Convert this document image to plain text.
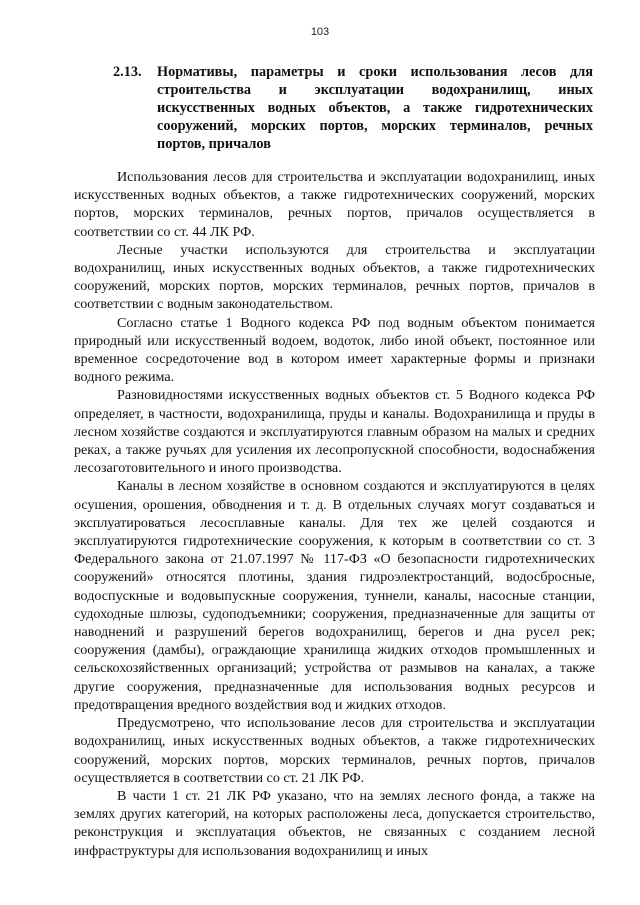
103
2.13. Нормативы, параметры и сроки использования лесов для строительства и эксплуатации водохранилищ, иных искусственных водных объектов, а также гидротехнических сооружений, морских портов, морских терминалов, речных портов, причалов

Использования лесов для строительства и эксплуатации водохранилищ, иных искусственных водных объектов, а также гидротехнических сооружений, морских портов, морских терминалов, речных портов, причалов осуществляется в соответствии со ст. 44 ЛК РФ.

Лесные участки используются для строительства и эксплуатации водохранилищ, иных искусственных водных объектов, а также гидротехнических сооружений, морских портов, морских терминалов, речных портов, причалов в соответствии с водным законодательством.

Согласно статье 1 Водного кодекса РФ под водным объектом понимается природный или искусственный водоем, водоток, либо иной объект, постоянное или временное сосредоточение вод в котором имеет характерные формы и признаки водного режима.

Разновидностями искусственных водных объектов ст. 5 Водного кодекса РФ определяет, в частности, водохранилища, пруды и каналы. Водохранилища и пруды в лесном хозяйстве создаются и эксплуатируются главным образом на малых и средних реках, а также ручьях для усиления их лесопропускной способности, водоснабжения лесозаготовительного и иного производства.

Каналы в лесном хозяйстве в основном создаются и эксплуатируются в целях осушения, орошения, обводнения и т. д. В отдельных случаях могут создаваться и эксплуатироваться лесосплавные каналы. Для тех же целей создаются и эксплуатируются гидротехнические сооружения, к которым в соответствии со ст. 3 Федерального закона от 21.07.1997 № 117-ФЗ «О безопасности гидротехнических сооружений» относятся плотины, здания гидроэлектростанций, водосбросные, водоспускные и водовыпускные сооружения, туннели, каналы, насосные станции, судоходные шлюзы, судоподъемники; сооружения, предназначенные для защиты от наводнений и разрушений берегов водохранилищ, берегов и дна русел рек; сооружения (дамбы), ограждающие хранилища жидких отходов промышленных и сельскохозяйственных организаций; устройства от размывов на каналах, а также другие сооружения, предназначенные для использования водных ресурсов и предотвращения вредного воздействия вод и жидких отходов.

Предусмотрено, что использование лесов для строительства и эксплуатации водохранилищ, иных искусственных водных объектов, а также гидротехнических сооружений, морских портов, морских терминалов, речных портов, причалов осуществляется в соответствии со ст. 21 ЛК РФ.

В части 1 ст. 21 ЛК РФ указано, что на землях лесного фонда, а также на землях других категорий, на которых расположены леса, допускается строительство, реконструкция и эксплуатация объектов, не связанных с созданием лесной инфраструктуры для использования водохранилищ и иных
